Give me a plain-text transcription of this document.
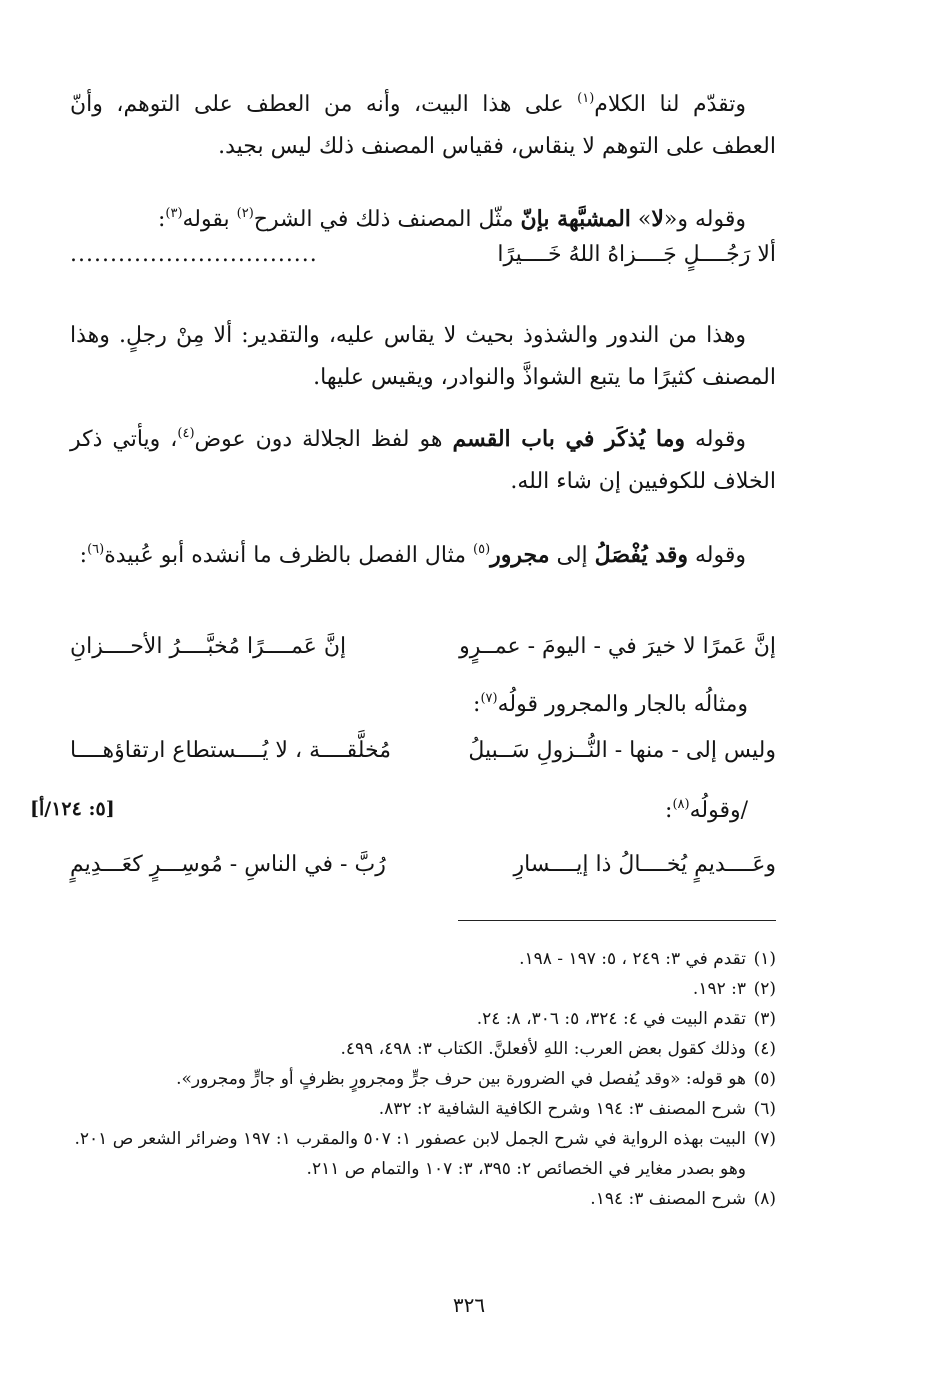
وتقدّم لنا الكلام$^{(١)}$ على هذا البيت، وأنه من العطف على التوهم، وأنّ العطف على التوهم لا ينقاس، فقياس المصنف ذلك ليس بجيد.
وقوله و«لا» المشبَّهة بإنّ مثّل المصنف ذلك في الشرح$^{(٢)}$ بقوله$^{(٣)}$:
ألا رَجُــــلٍ جَــــزاهُ اللهُ خَــــيرًا
...............................
وهذا من الندور والشذوذ بحيث لا يقاس عليه، والتقدير: ألا مِنْ رجلٍ. وهذا المصنف كثيرًا ما يتبع الشواذَّ والنوادر، ويقيس عليها.
وقوله وما يُذكَر في باب القسم هو لفظ الجلالة دون عوض$^{(٤)}$، ويأتي ذكر الخلاف للكوفيين إن شاء الله.
وقوله وقد يُفْصَلُ إلى مجرور$^{(٥)}$ مثال الفصل بالظرف ما أنشده أبو عُبيدة$^{(٦)}$:
إنَّ عَمرًا لا خيرَ في - اليومَ - عمــرٍو
إنَّ عَمــــرًا مُخبَّــــرُ الأحــــزانِ
ومثالُه بالجار والمجرور قولُه$^{(٧)}$:
وليس إلى - منها - النُّــزولِ سَــبيلُ
مُخلَّقــــة ، لا يُــــستطاع ارتقاؤهــــا
/وقولُه$^{(٨)}$:
[٥: ١٢٤/أ]
وعَــــديمٍ يُخــــالُ ذا إيــــسارِ
رُبَّ - في الناسِ - مُوسِـــرٍ كعَـــدِيمٍ
(١)تقدم في ٣: ٢٤٩ ، ٥: ١٩٧ - ١٩٨.
(٢)٣: ١٩٢.
(٣)تقدم البيت في ٤: ٣٢٤، ٥: ٣٠٦، ٨: ٢٤.
(٤)وذلك كقول بعض العرب: اللهِ لأفعلنَّ. الكتاب ٣: ٤٩٨، ٤٩٩.
(٥)هو قوله: «وقد يُفصل في الضرورة بين حرف جرٍّ ومجرورٍ بظرفٍ أو جارٍّ ومجرور».
(٦)شرح المصنف ٣: ١٩٤ وشرح الكافية الشافية ٢: ٨٣٢.
(٧)البيت بهذه الرواية في شرح الجمل لابن عصفور ١: ٥٠٧ والمقرب ١: ١٩٧ وضرائر الشعر ص ٢٠١. وهو بصدر مغاير في الخصائص ٢: ٣٩٥، ٣: ١٠٧ والتمام ص ٢١١.
(٨)شرح المصنف ٣: ١٩٤.
٣٢٦
